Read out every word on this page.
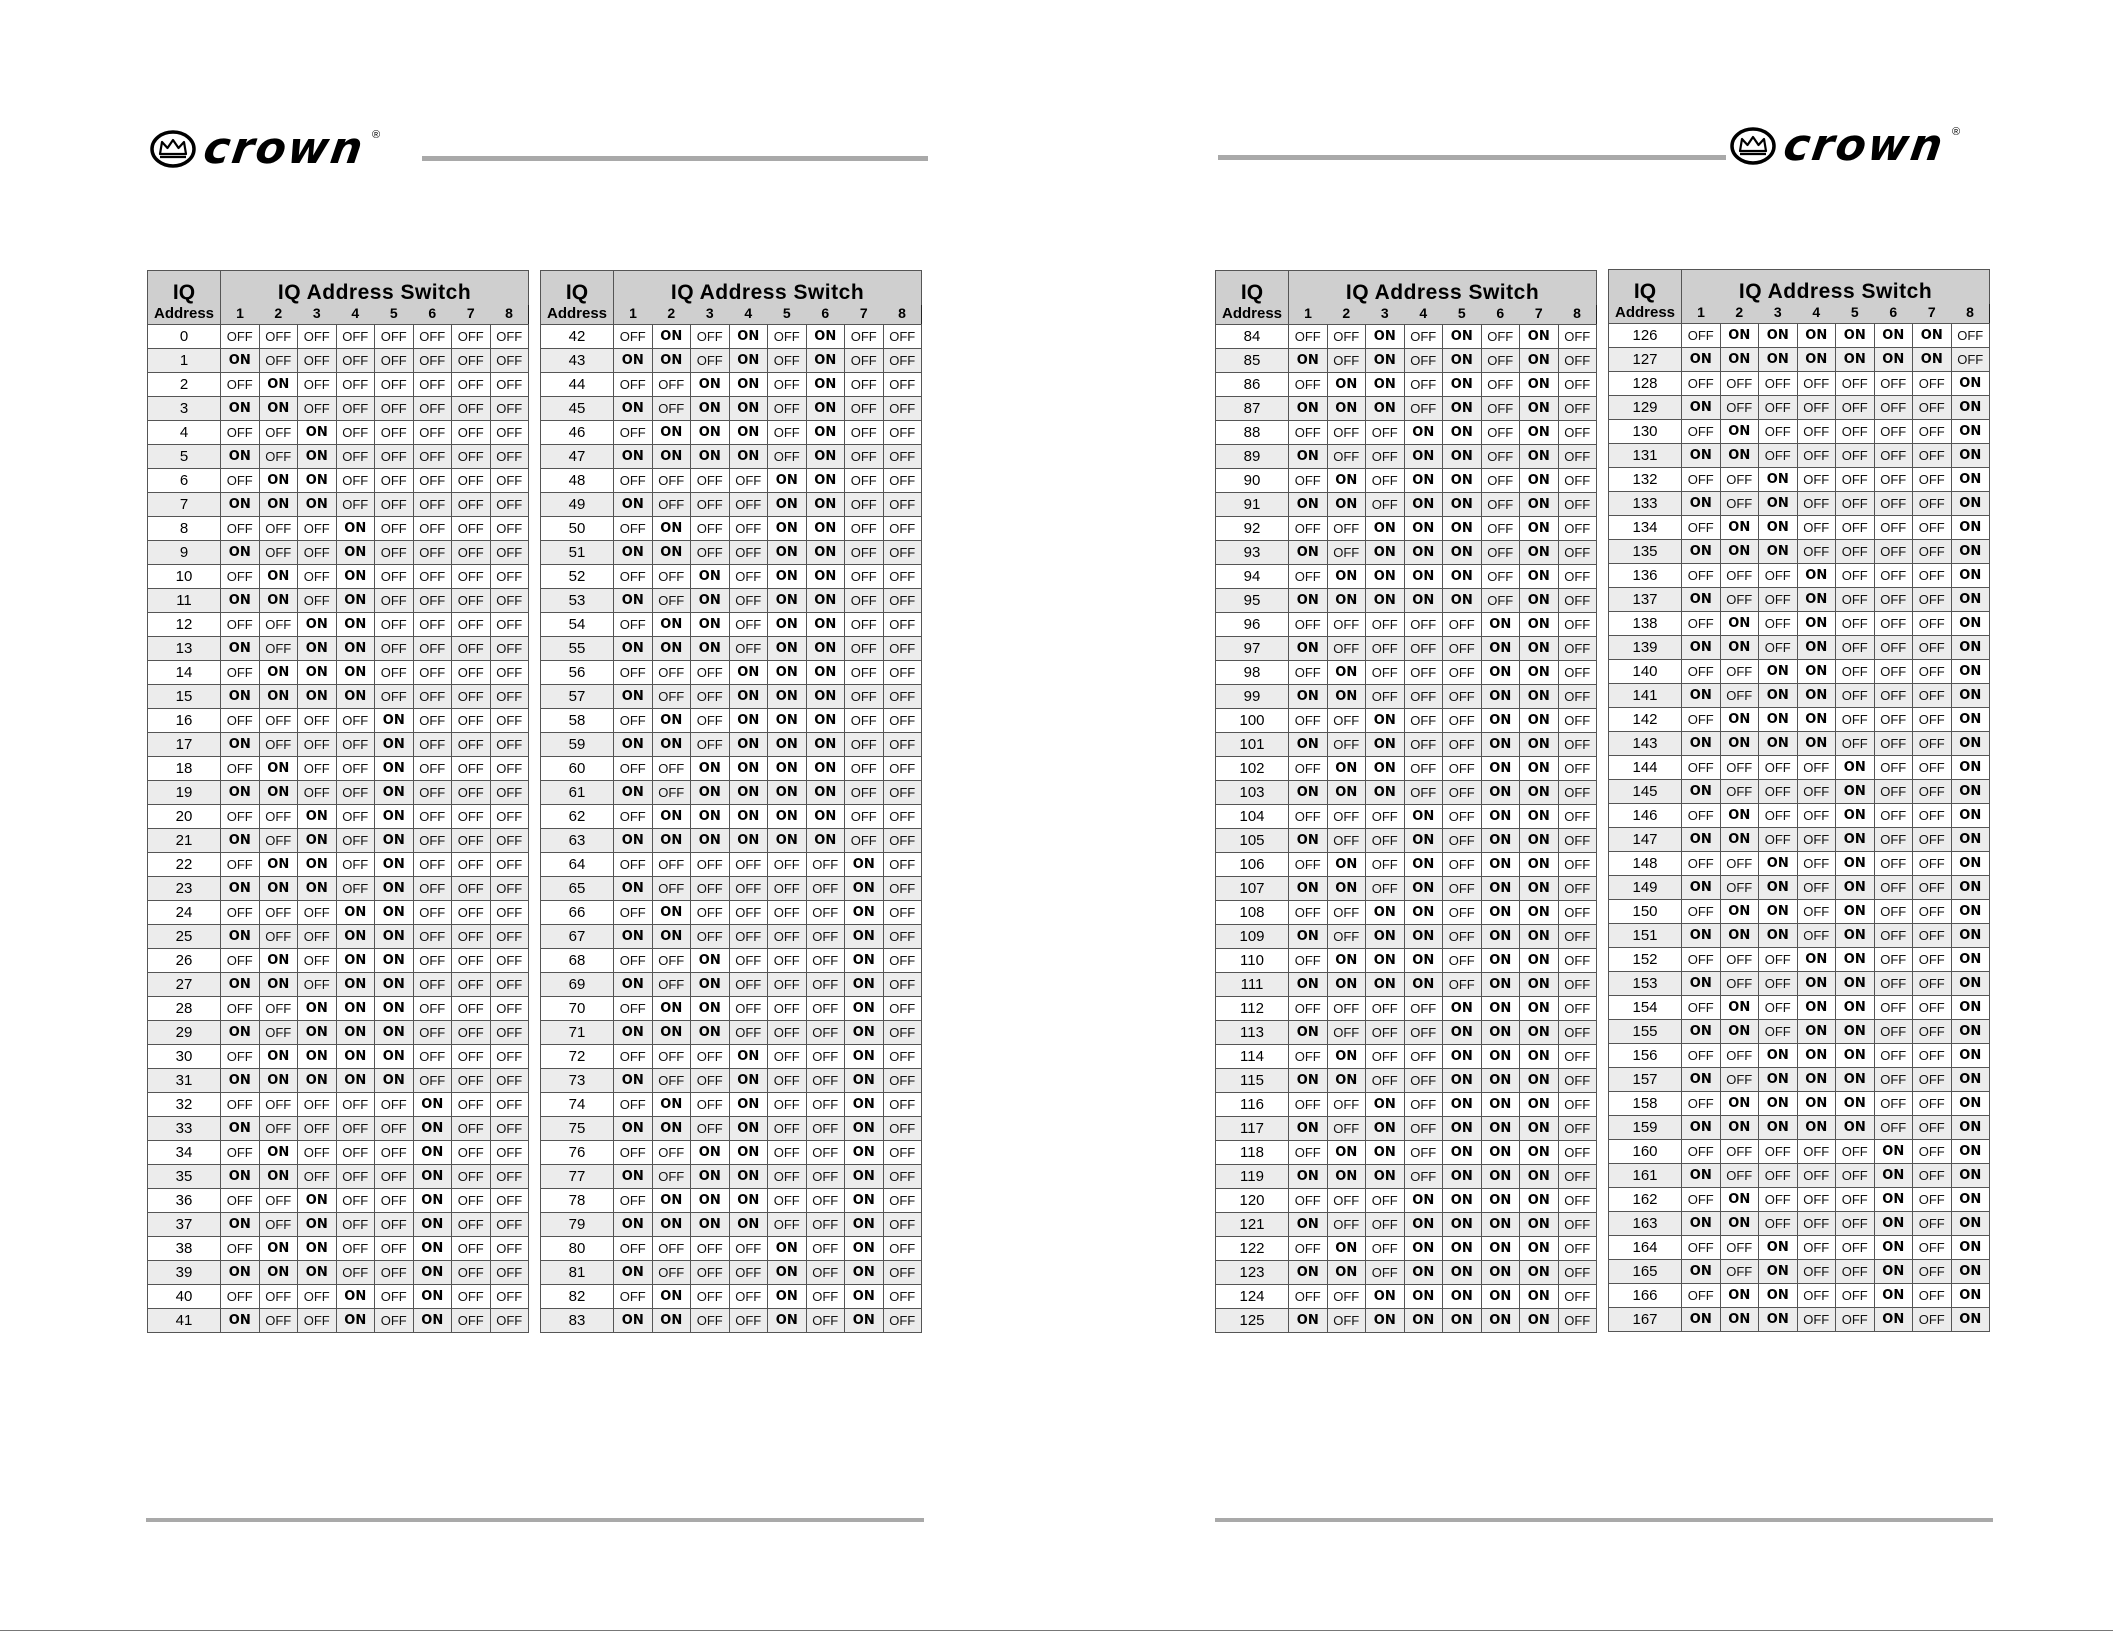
crown ®	crown ®
IQ	IQ Address Switch							
Address	1	2	3	4	5	6	7	8
0	OFF	OFF	OFF	OFF	OFF	OFF	OFF	OFF
1	ON	OFF	OFF	OFF	OFF	OFF	OFF	OFF
2	OFF	ON	OFF	OFF	OFF	OFF	OFF	OFF
3	ON	ON	OFF	OFF	OFF	OFF	OFF	OFF
4	OFF	OFF	ON	OFF	OFF	OFF	OFF	OFF
5	ON	OFF	ON	OFF	OFF	OFF	OFF	OFF
6	OFF	ON	ON	OFF	OFF	OFF	OFF	OFF
7	ON	ON	ON	OFF	OFF	OFF	OFF	OFF
8	OFF	OFF	OFF	ON	OFF	OFF	OFF	OFF
9	ON	OFF	OFF	ON	OFF	OFF	OFF	OFF
10	OFF	ON	OFF	ON	OFF	OFF	OFF	OFF
11	ON	ON	OFF	ON	OFF	OFF	OFF	OFF
12	OFF	OFF	ON	ON	OFF	OFF	OFF	OFF
13	ON	OFF	ON	ON	OFF	OFF	OFF	OFF
14	OFF	ON	ON	ON	OFF	OFF	OFF	OFF
15	ON	ON	ON	ON	OFF	OFF	OFF	OFF
16	OFF	OFF	OFF	OFF	ON	OFF	OFF	OFF
17	ON	OFF	OFF	OFF	ON	OFF	OFF	OFF
18	OFF	ON	OFF	OFF	ON	OFF	OFF	OFF
19	ON	ON	OFF	OFF	ON	OFF	OFF	OFF
20	OFF	OFF	ON	OFF	ON	OFF	OFF	OFF
21	ON	OFF	ON	OFF	ON	OFF	OFF	OFF
22	OFF	ON	ON	OFF	ON	OFF	OFF	OFF
23	ON	ON	ON	OFF	ON	OFF	OFF	OFF
24	OFF	OFF	OFF	ON	ON	OFF	OFF	OFF
25	ON	OFF	OFF	ON	ON	OFF	OFF	OFF
26	OFF	ON	OFF	ON	ON	OFF	OFF	OFF
27	ON	ON	OFF	ON	ON	OFF	OFF	OFF
28	OFF	OFF	ON	ON	ON	OFF	OFF	OFF
29	ON	OFF	ON	ON	ON	OFF	OFF	OFF
30	OFF	ON	ON	ON	ON	OFF	OFF	OFF
31	ON	ON	ON	ON	ON	OFF	OFF	OFF
32	OFF	OFF	OFF	OFF	OFF	ON	OFF	OFF
33	ON	OFF	OFF	OFF	OFF	ON	OFF	OFF
34	OFF	ON	OFF	OFF	OFF	ON	OFF	OFF
35	ON	ON	OFF	OFF	OFF	ON	OFF	OFF
36	OFF	OFF	ON	OFF	OFF	ON	OFF	OFF
37	ON	OFF	ON	OFF	OFF	ON	OFF	OFF
38	OFF	ON	ON	OFF	OFF	ON	OFF	OFF
39	ON	ON	ON	OFF	OFF	ON	OFF	OFF
40	OFF	OFF	OFF	ON	OFF	ON	OFF	OFF
41	ON	OFF	OFF	ON	OFF	ON	OFF	OFF
IQ	IQ Address Switch							
Address	1	2	3	4	5	6	7	8
42	OFF	ON	OFF	ON	OFF	ON	OFF	OFF
43	ON	ON	OFF	ON	OFF	ON	OFF	OFF
44	OFF	OFF	ON	ON	OFF	ON	OFF	OFF
45	ON	OFF	ON	ON	OFF	ON	OFF	OFF
46	OFF	ON	ON	ON	OFF	ON	OFF	OFF
47	ON	ON	ON	ON	OFF	ON	OFF	OFF
48	OFF	OFF	OFF	OFF	ON	ON	OFF	OFF
49	ON	OFF	OFF	OFF	ON	ON	OFF	OFF
50	OFF	ON	OFF	OFF	ON	ON	OFF	OFF
51	ON	ON	OFF	OFF	ON	ON	OFF	OFF
52	OFF	OFF	ON	OFF	ON	ON	OFF	OFF
53	ON	OFF	ON	OFF	ON	ON	OFF	OFF
54	OFF	ON	ON	OFF	ON	ON	OFF	OFF
55	ON	ON	ON	OFF	ON	ON	OFF	OFF
56	OFF	OFF	OFF	ON	ON	ON	OFF	OFF
57	ON	OFF	OFF	ON	ON	ON	OFF	OFF
58	OFF	ON	OFF	ON	ON	ON	OFF	OFF
59	ON	ON	OFF	ON	ON	ON	OFF	OFF
60	OFF	OFF	ON	ON	ON	ON	OFF	OFF
61	ON	OFF	ON	ON	ON	ON	OFF	OFF
62	OFF	ON	ON	ON	ON	ON	OFF	OFF
63	ON	ON	ON	ON	ON	ON	OFF	OFF
64	OFF	OFF	OFF	OFF	OFF	OFF	ON	OFF
65	ON	OFF	OFF	OFF	OFF	OFF	ON	OFF
66	OFF	ON	OFF	OFF	OFF	OFF	ON	OFF
67	ON	ON	OFF	OFF	OFF	OFF	ON	OFF
68	OFF	OFF	ON	OFF	OFF	OFF	ON	OFF
69	ON	OFF	ON	OFF	OFF	OFF	ON	OFF
70	OFF	ON	ON	OFF	OFF	OFF	ON	OFF
71	ON	ON	ON	OFF	OFF	OFF	ON	OFF
72	OFF	OFF	OFF	ON	OFF	OFF	ON	OFF
73	ON	OFF	OFF	ON	OFF	OFF	ON	OFF
74	OFF	ON	OFF	ON	OFF	OFF	ON	OFF
75	ON	ON	OFF	ON	OFF	OFF	ON	OFF
76	OFF	OFF	ON	ON	OFF	OFF	ON	OFF
77	ON	OFF	ON	ON	OFF	OFF	ON	OFF
78	OFF	ON	ON	ON	OFF	OFF	ON	OFF
79	ON	ON	ON	ON	OFF	OFF	ON	OFF
80	OFF	OFF	OFF	OFF	ON	OFF	ON	OFF
81	ON	OFF	OFF	OFF	ON	OFF	ON	OFF
82	OFF	ON	OFF	OFF	ON	OFF	ON	OFF
83	ON	ON	OFF	OFF	ON	OFF	ON	OFF
IQ	IQ Address Switch							
Address	1	2	3	4	5	6	7	8
84	OFF	OFF	ON	OFF	ON	OFF	ON	OFF
85	ON	OFF	ON	OFF	ON	OFF	ON	OFF
86	OFF	ON	ON	OFF	ON	OFF	ON	OFF
87	ON	ON	ON	OFF	ON	OFF	ON	OFF
88	OFF	OFF	OFF	ON	ON	OFF	ON	OFF
89	ON	OFF	OFF	ON	ON	OFF	ON	OFF
90	OFF	ON	OFF	ON	ON	OFF	ON	OFF
91	ON	ON	OFF	ON	ON	OFF	ON	OFF
92	OFF	OFF	ON	ON	ON	OFF	ON	OFF
93	ON	OFF	ON	ON	ON	OFF	ON	OFF
94	OFF	ON	ON	ON	ON	OFF	ON	OFF
95	ON	ON	ON	ON	ON	OFF	ON	OFF
96	OFF	OFF	OFF	OFF	OFF	ON	ON	OFF
97	ON	OFF	OFF	OFF	OFF	ON	ON	OFF
98	OFF	ON	OFF	OFF	OFF	ON	ON	OFF
99	ON	ON	OFF	OFF	OFF	ON	ON	OFF
100	OFF	OFF	ON	OFF	OFF	ON	ON	OFF
101	ON	OFF	ON	OFF	OFF	ON	ON	OFF
102	OFF	ON	ON	OFF	OFF	ON	ON	OFF
103	ON	ON	ON	OFF	OFF	ON	ON	OFF
104	OFF	OFF	OFF	ON	OFF	ON	ON	OFF
105	ON	OFF	OFF	ON	OFF	ON	ON	OFF
106	OFF	ON	OFF	ON	OFF	ON	ON	OFF
107	ON	ON	OFF	ON	OFF	ON	ON	OFF
108	OFF	OFF	ON	ON	OFF	ON	ON	OFF
109	ON	OFF	ON	ON	OFF	ON	ON	OFF
110	OFF	ON	ON	ON	OFF	ON	ON	OFF
111	ON	ON	ON	ON	OFF	ON	ON	OFF
112	OFF	OFF	OFF	OFF	ON	ON	ON	OFF
113	ON	OFF	OFF	OFF	ON	ON	ON	OFF
114	OFF	ON	OFF	OFF	ON	ON	ON	OFF
115	ON	ON	OFF	OFF	ON	ON	ON	OFF
116	OFF	OFF	ON	OFF	ON	ON	ON	OFF
117	ON	OFF	ON	OFF	ON	ON	ON	OFF
118	OFF	ON	ON	OFF	ON	ON	ON	OFF
119	ON	ON	ON	OFF	ON	ON	ON	OFF
120	OFF	OFF	OFF	ON	ON	ON	ON	OFF
121	ON	OFF	OFF	ON	ON	ON	ON	OFF
122	OFF	ON	OFF	ON	ON	ON	ON	OFF
123	ON	ON	OFF	ON	ON	ON	ON	OFF
124	OFF	OFF	ON	ON	ON	ON	ON	OFF
125	ON	OFF	ON	ON	ON	ON	ON	OFF
IQ	IQ Address Switch							
Address	1	2	3	4	5	6	7	8
126	OFF	ON	ON	ON	ON	ON	ON	OFF
127	ON	ON	ON	ON	ON	ON	ON	OFF
128	OFF	OFF	OFF	OFF	OFF	OFF	OFF	ON
129	ON	OFF	OFF	OFF	OFF	OFF	OFF	ON
130	OFF	ON	OFF	OFF	OFF	OFF	OFF	ON
131	ON	ON	OFF	OFF	OFF	OFF	OFF	ON
132	OFF	OFF	ON	OFF	OFF	OFF	OFF	ON
133	ON	OFF	ON	OFF	OFF	OFF	OFF	ON
134	OFF	ON	ON	OFF	OFF	OFF	OFF	ON
135	ON	ON	ON	OFF	OFF	OFF	OFF	ON
136	OFF	OFF	OFF	ON	OFF	OFF	OFF	ON
137	ON	OFF	OFF	ON	OFF	OFF	OFF	ON
138	OFF	ON	OFF	ON	OFF	OFF	OFF	ON
139	ON	ON	OFF	ON	OFF	OFF	OFF	ON
140	OFF	OFF	ON	ON	OFF	OFF	OFF	ON
141	ON	OFF	ON	ON	OFF	OFF	OFF	ON
142	OFF	ON	ON	ON	OFF	OFF	OFF	ON
143	ON	ON	ON	ON	OFF	OFF	OFF	ON
144	OFF	OFF	OFF	OFF	ON	OFF	OFF	ON
145	ON	OFF	OFF	OFF	ON	OFF	OFF	ON
146	OFF	ON	OFF	OFF	ON	OFF	OFF	ON
147	ON	ON	OFF	OFF	ON	OFF	OFF	ON
148	OFF	OFF	ON	OFF	ON	OFF	OFF	ON
149	ON	OFF	ON	OFF	ON	OFF	OFF	ON
150	OFF	ON	ON	OFF	ON	OFF	OFF	ON
151	ON	ON	ON	OFF	ON	OFF	OFF	ON
152	OFF	OFF	OFF	ON	ON	OFF	OFF	ON
153	ON	OFF	OFF	ON	ON	OFF	OFF	ON
154	OFF	ON	OFF	ON	ON	OFF	OFF	ON
155	ON	ON	OFF	ON	ON	OFF	OFF	ON
156	OFF	OFF	ON	ON	ON	OFF	OFF	ON
157	ON	OFF	ON	ON	ON	OFF	OFF	ON
158	OFF	ON	ON	ON	ON	OFF	OFF	ON
159	ON	ON	ON	ON	ON	OFF	OFF	ON
160	OFF	OFF	OFF	OFF	OFF	ON	OFF	ON
161	ON	OFF	OFF	OFF	OFF	ON	OFF	ON
162	OFF	ON	OFF	OFF	OFF	ON	OFF	ON
163	ON	ON	OFF	OFF	OFF	ON	OFF	ON
164	OFF	OFF	ON	OFF	OFF	ON	OFF	ON
165	ON	OFF	ON	OFF	OFF	ON	OFF	ON
166	OFF	ON	ON	OFF	OFF	ON	OFF	ON
167	ON	ON	ON	OFF	OFF	ON	OFF	ON
